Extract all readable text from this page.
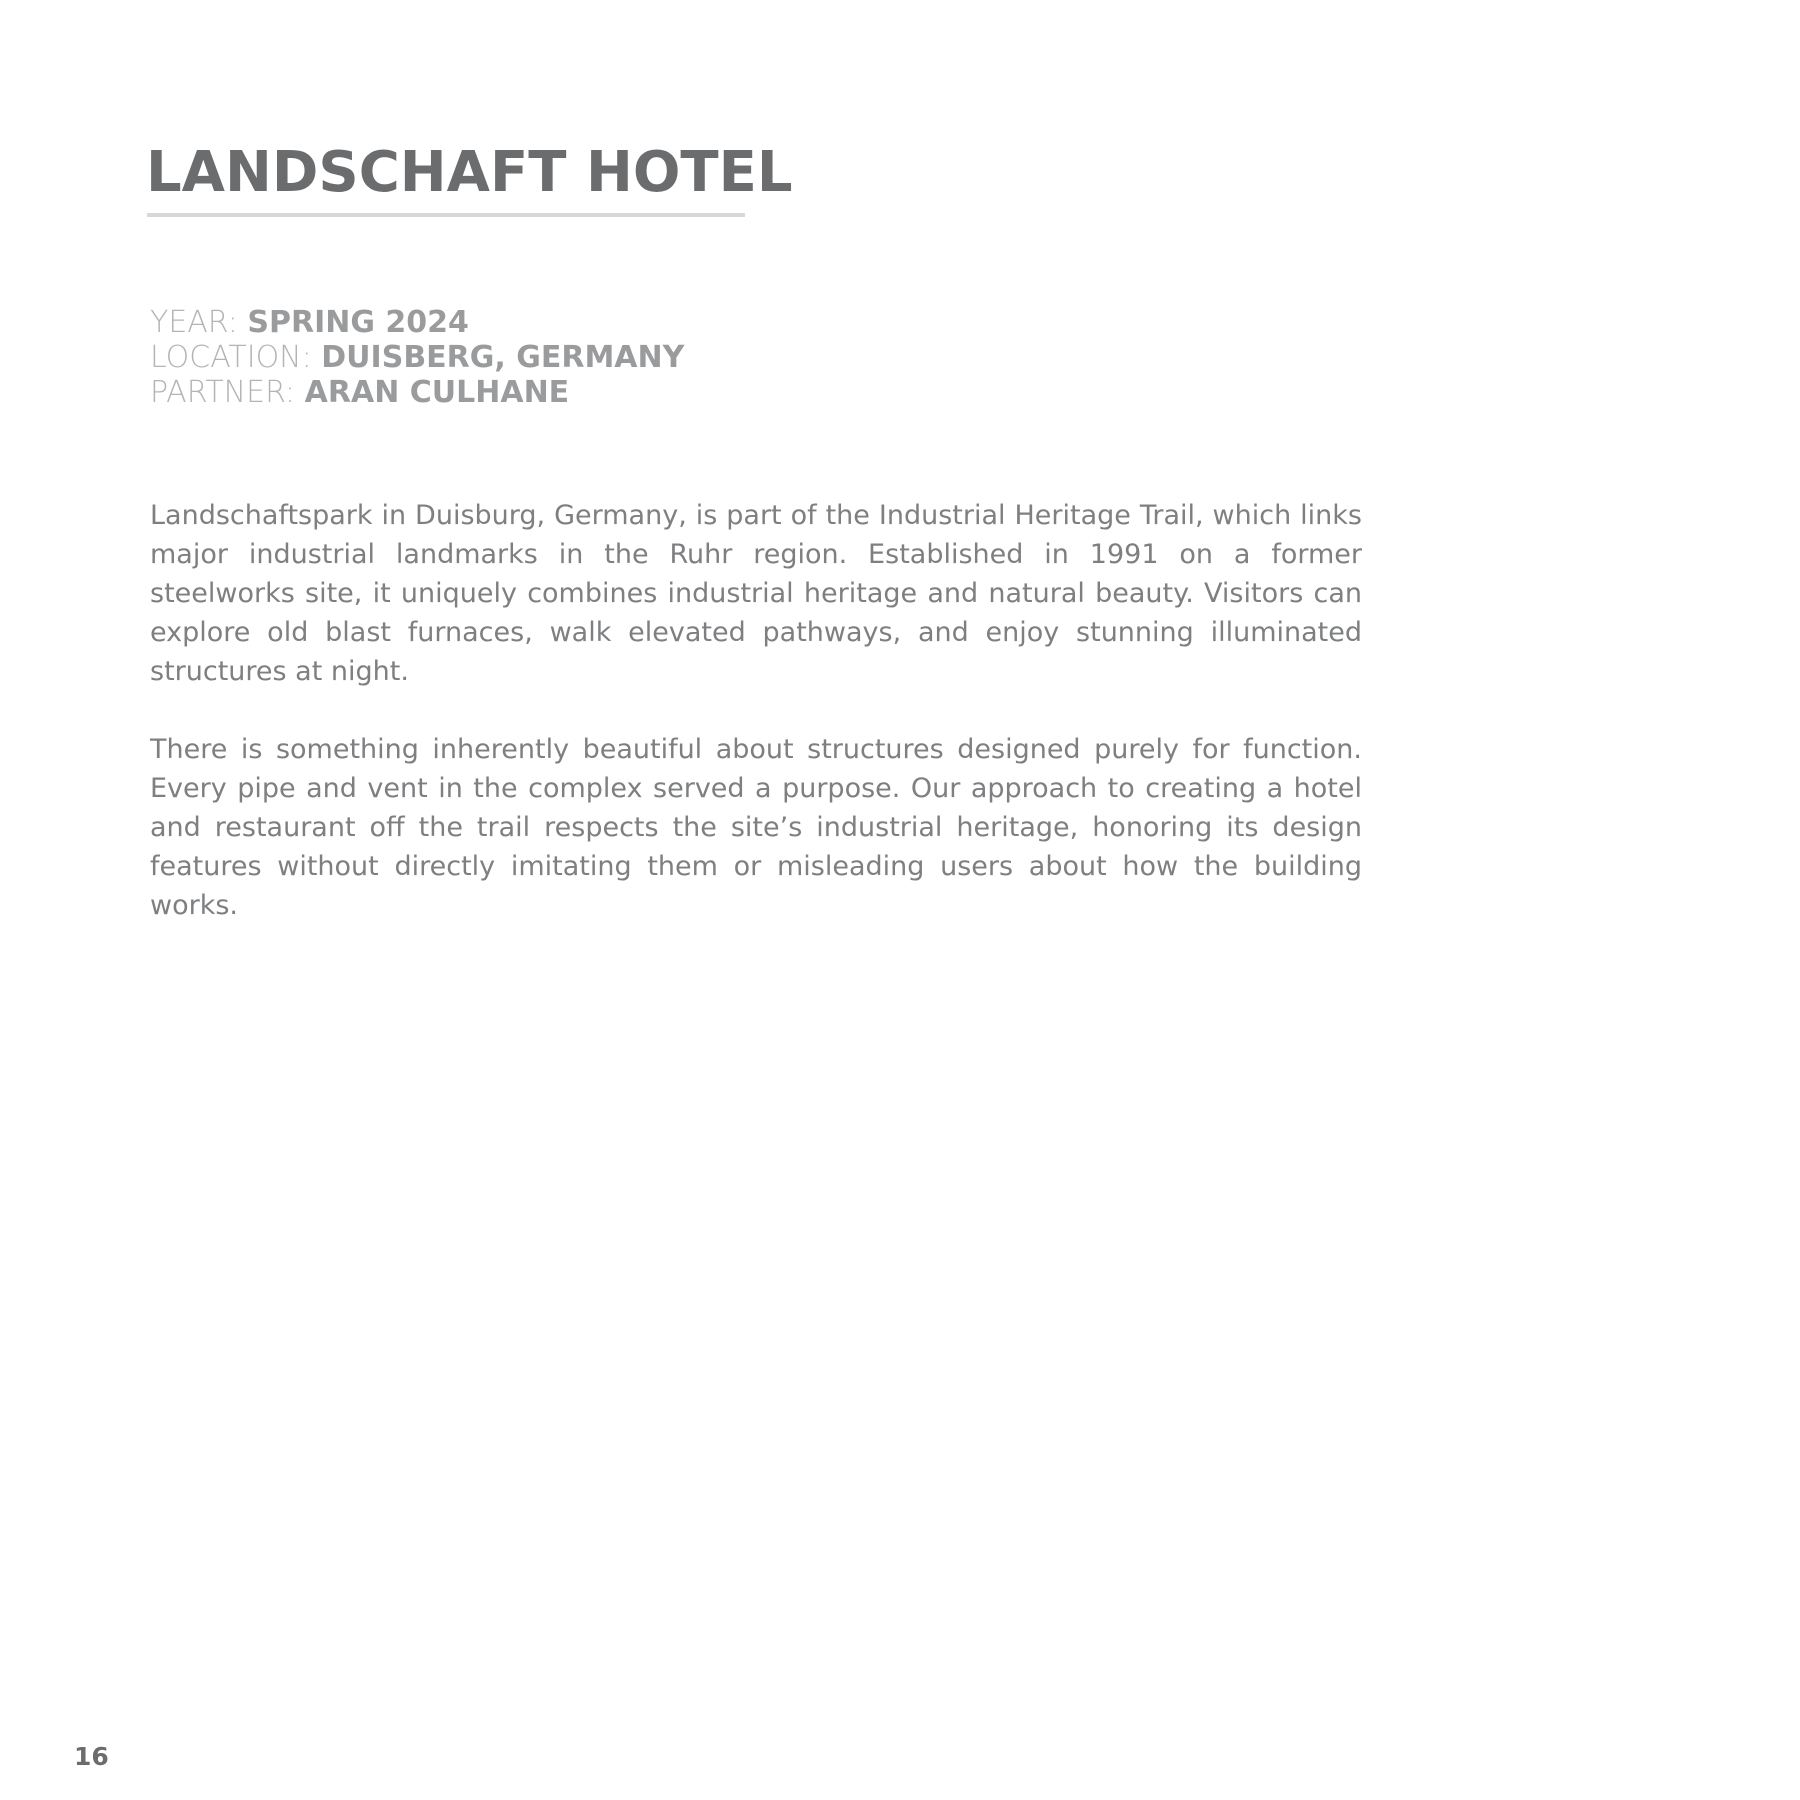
LANDSCHAFT HOTEL
YEAR: SPRING 2024
LOCATION: DUISBERG, GERMANY
PARTNER: ARAN CULHANE

Landschaftspark in Duisburg, Germany, is part of the Industrial Heritage Trail, which links major industrial landmarks in the Ruhr region. Established in 1991 on a former steelworks site, it uniquely combines industrial heritage and natural beauty. Visitors can explore old blast furnaces, walk elevated pathways, and enjoy stunning illuminated structures at night.

There is something inherently beautiful about structures designed purely for function. Every pipe and vent in the complex served a purpose. Our approach to creating a hotel and restaurant off the trail respects the site’s industrial heritage, honoring its design features without directly imitating them or misleading users about how the building works.

16
